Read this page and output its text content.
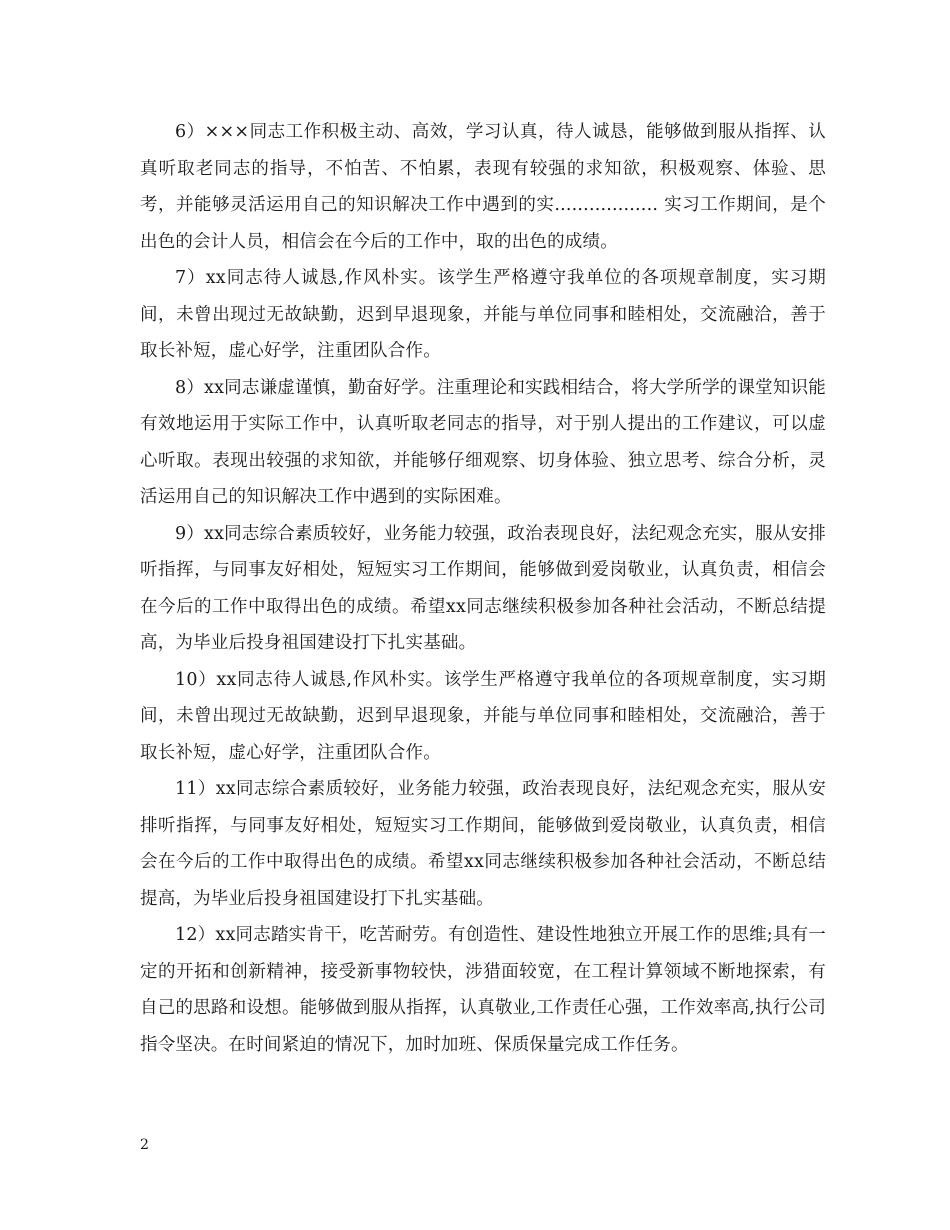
6）×××同志工作积极主动、高效，学习认真，待人诚恳，能够做到服从指挥、认真听取老同志的指导，不怕苦、不怕累，表现有较强的求知欲，积极观察、体验、思考，并能够灵活运用自己的知识解决工作中遇到的实.................. 实习工作期间，是个出色的会计人员，相信会在今后的工作中，取的出色的成绩。

7）xx同志待人诚恳,作风朴实。该学生严格遵守我单位的各项规章制度，实习期间，未曾出现过无故缺勤，迟到早退现象，并能与单位同事和睦相处，交流融洽，善于取长补短，虚心好学，注重团队合作。

8）xx同志谦虚谨慎，勤奋好学。注重理论和实践相结合，将大学所学的课堂知识能有效地运用于实际工作中，认真听取老同志的指导，对于别人提出的工作建议，可以虚心听取。表现出较强的求知欲，并能够仔细观察、切身体验、独立思考、综合分析，灵活运用自己的知识解决工作中遇到的实际困难。

9）xx同志综合素质较好，业务能力较强，政治表现良好，法纪观念充实，服从安排听指挥，与同事友好相处，短短实习工作期间，能够做到爱岗敬业，认真负责，相信会在今后的工作中取得出色的成绩。希望xx同志继续积极参加各种社会活动，不断总结提高，为毕业后投身祖国建设打下扎实基础。

10）xx同志待人诚恳,作风朴实。该学生严格遵守我单位的各项规章制度，实习期间，未曾出现过无故缺勤，迟到早退现象，并能与单位同事和睦相处，交流融洽，善于取长补短，虚心好学，注重团队合作。

11）xx同志综合素质较好，业务能力较强，政治表现良好，法纪观念充实，服从安排听指挥，与同事友好相处，短短实习工作期间，能够做到爱岗敬业，认真负责，相信会在今后的工作中取得出色的成绩。希望xx同志继续积极参加各种社会活动，不断总结提高，为毕业后投身祖国建设打下扎实基础。

12）xx同志踏实肯干，吃苦耐劳。有创造性、建设性地独立开展工作的思维;具有一定的开拓和创新精神，接受新事物较快，涉猎面较宽，在工程计算领域不断地探索，有自己的思路和设想。能够做到服从指挥，认真敬业,工作责任心强，工作效率高,执行公司指令坚决。在时间紧迫的情况下，加时加班、保质保量完成工作任务。

2
